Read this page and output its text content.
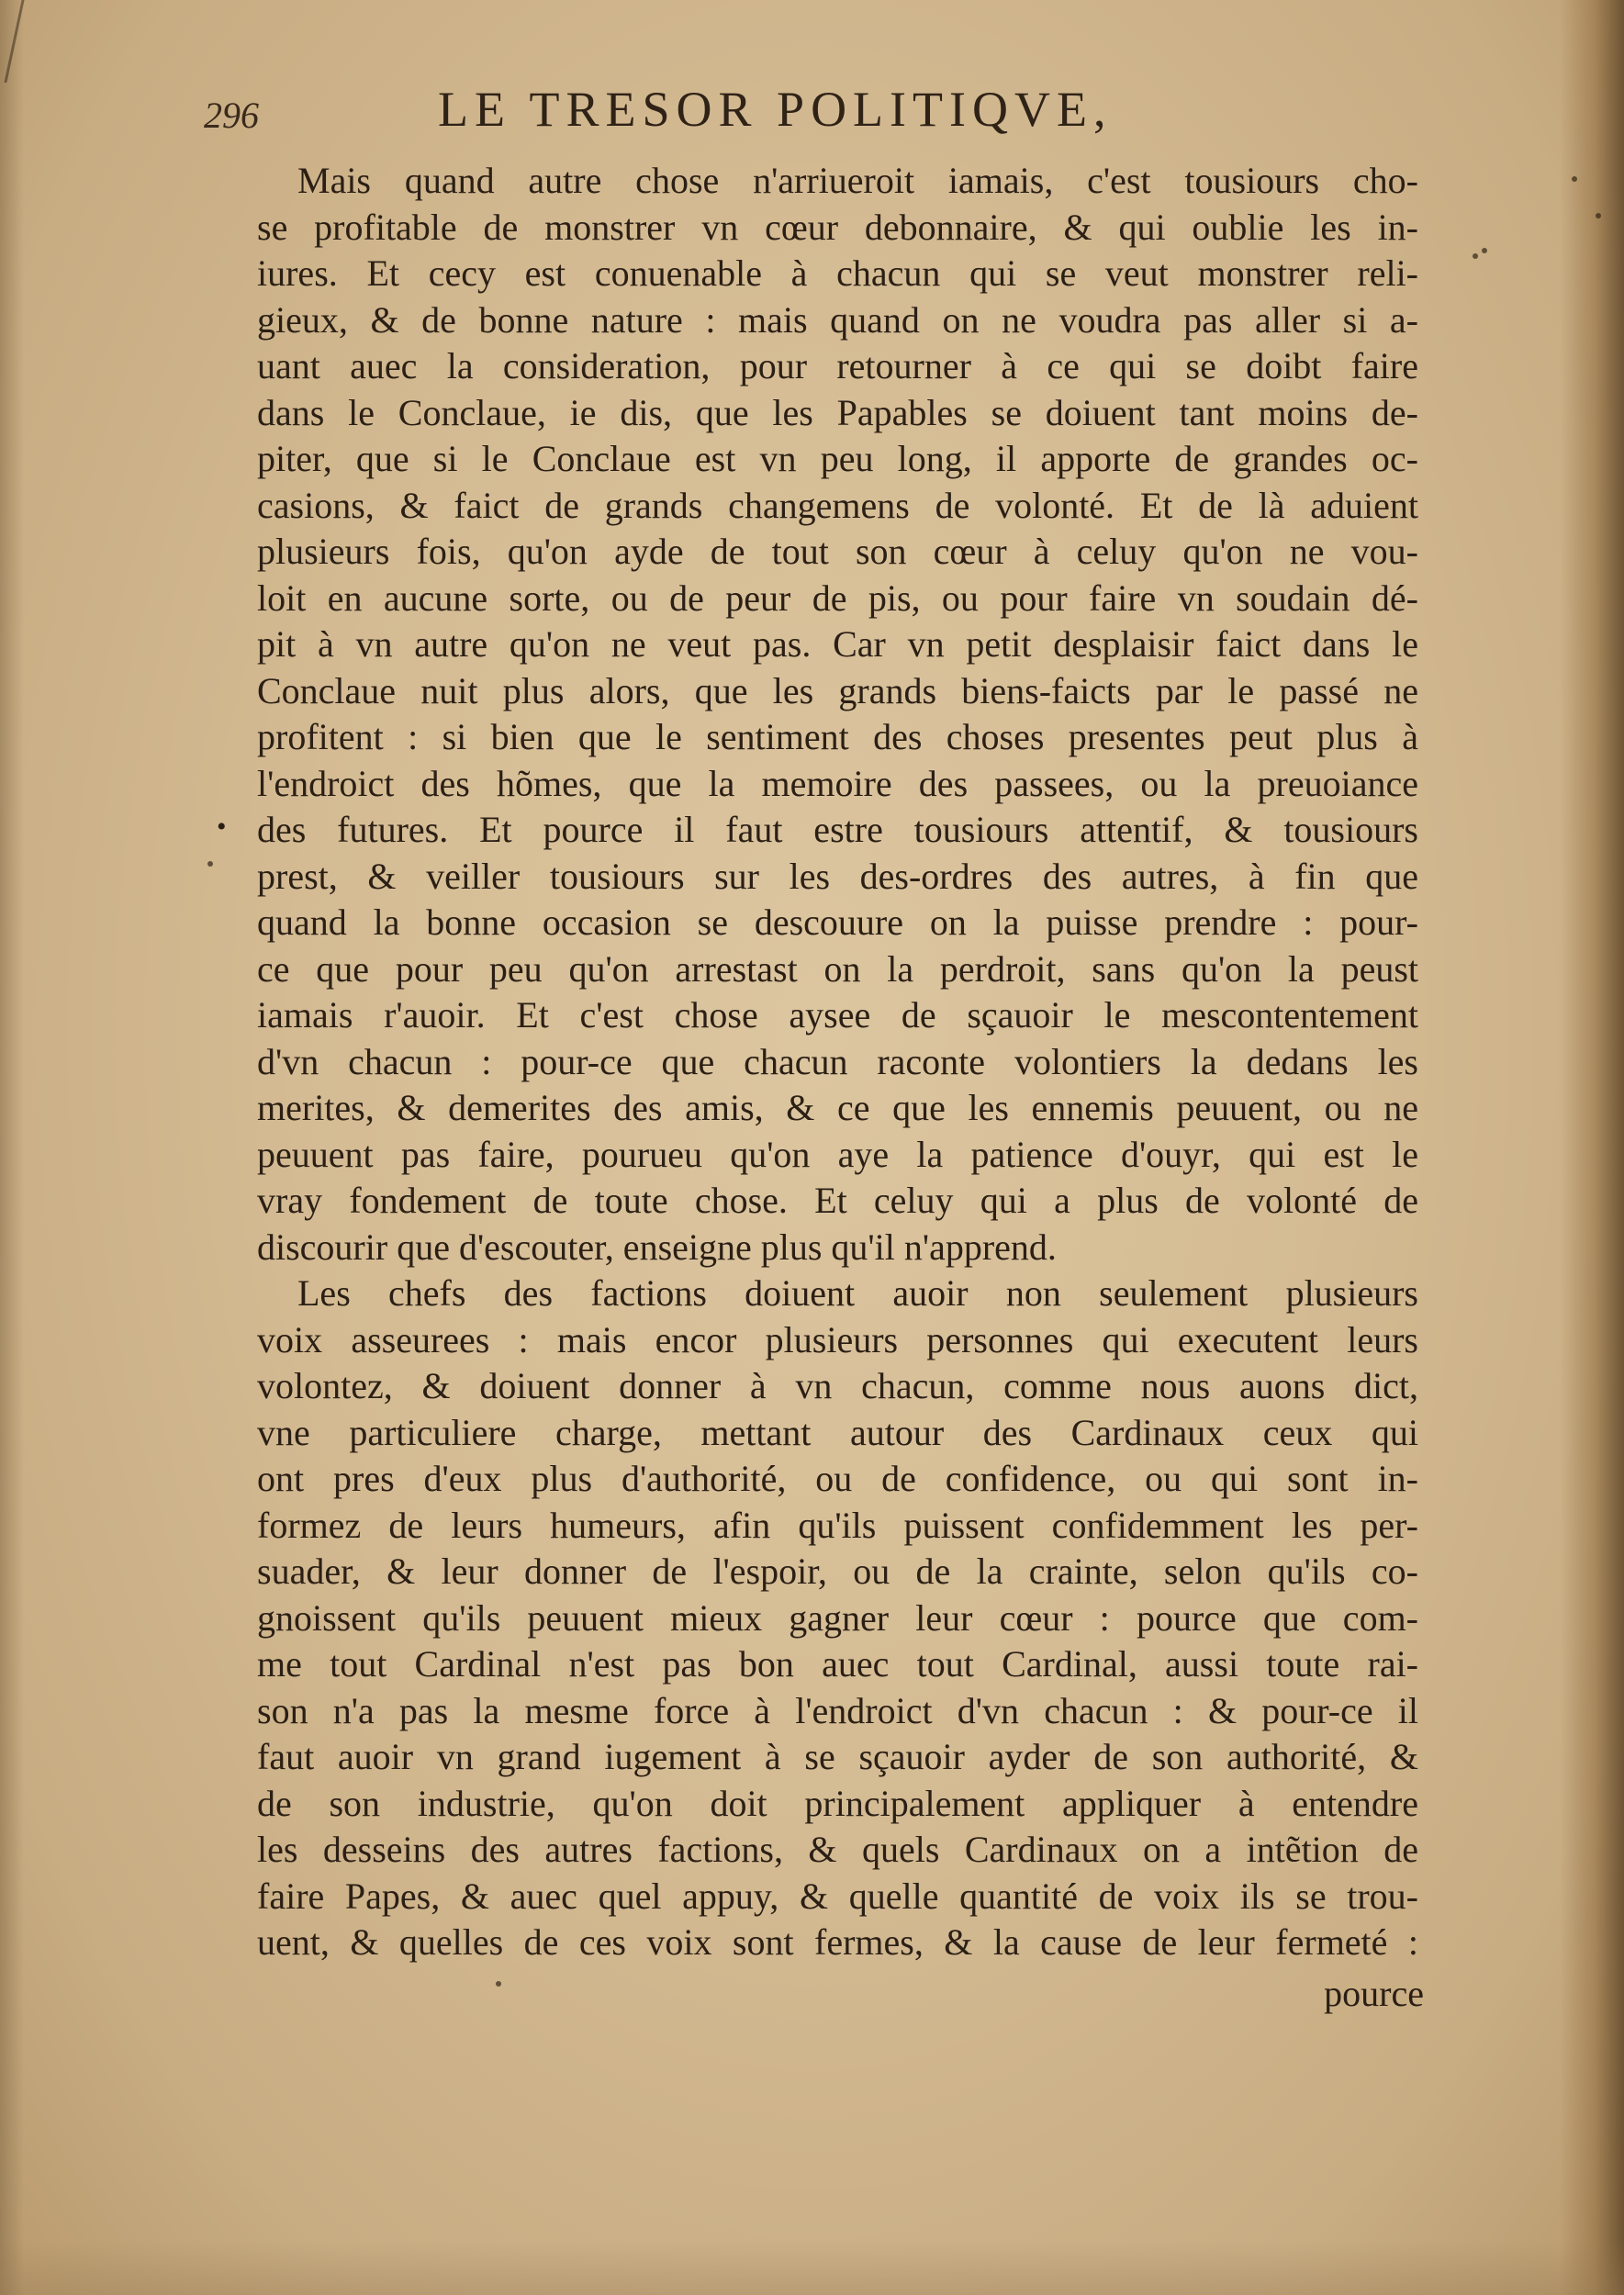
296	LE TRESOR POLITIQVE,
Mais quand autre chose n'arriueroit iamais, c'est tousiours cho-
se profitable de monstrer vn cœur debonnaire, & qui oublie les in-
iures. Et cecy est conuenable à chacun qui se veut monstrer reli-
gieux, & de bonne nature : mais quand on ne voudra pas aller si a-
uant auec la consideration, pour retourner à ce qui se doibt faire
dans le Conclaue, ie dis, que les Papables se doiuent tant moins de-
piter, que si le Conclaue est vn peu long, il apporte de grandes oc-
casions, & faict de grands changemens de volonté. Et de là aduient
plusieurs fois, qu'on ayde de tout son cœur à celuy qu'on ne vou-
loit en aucune sorte, ou de peur de pis, ou pour faire vn soudain dé-
pit à vn autre qu'on ne veut pas. Car vn petit desplaisir faict dans le
Conclaue nuit plus alors, que les grands biens-faicts par le passé ne
profitent : si bien que le sentiment des choses presentes peut plus à
l'endroict des hõmes, que la memoire des passees, ou la preuoiance
des futures. Et pource il faut estre tousiours attentif, & tousiours
prest, & veiller tousiours sur les des-ordres des autres, à fin que
quand la bonne occasion se descouure on la puisse prendre : pour-
ce que pour peu qu'on arrestast on la perdroit, sans qu'on la peust
iamais r'auoir. Et c'est chose aysee de sçauoir le mescontentement
d'vn chacun : pour-ce que chacun raconte volontiers la dedans les
merites, & demerites des amis, & ce que les ennemis peuuent, ou ne
peuuent pas faire, pourueu qu'on aye la patience d'ouyr, qui est le
vray fondement de toute chose. Et celuy qui a plus de volonté de
discourir que d'escouter, enseigne plus qu'il n'apprend.
Les chefs des factions doiuent auoir non seulement plusieurs
voix asseurees : mais encor plusieurs personnes qui executent leurs
volontez, & doiuent donner à vn chacun, comme nous auons dict,
vne particuliere charge, mettant autour des Cardinaux ceux qui
ont pres d'eux plus d'authorité, ou de confidence, ou qui sont in-
formez de leurs humeurs, afin qu'ils puissent confidemment les per-
suader, & leur donner de l'espoir, ou de la crainte, selon qu'ils co-
gnoissent qu'ils peuuent mieux gagner leur cœur : pource que com-
me tout Cardinal n'est pas bon auec tout Cardinal, aussi toute rai-
son n'a pas la mesme force à l'endroict d'vn chacun : & pour-ce il
faut auoir vn grand iugement à se sçauoir ayder de son authorité, &
de son industrie, qu'on doit principalement appliquer à entendre
les desseins des autres factions, & quels Cardinaux on a intẽtion de
faire Papes, & auec quel appuy, & quelle quantité de voix ils se trou-
uent, & quelles de ces voix sont fermes, & la cause de leur fermeté :
pource
•
